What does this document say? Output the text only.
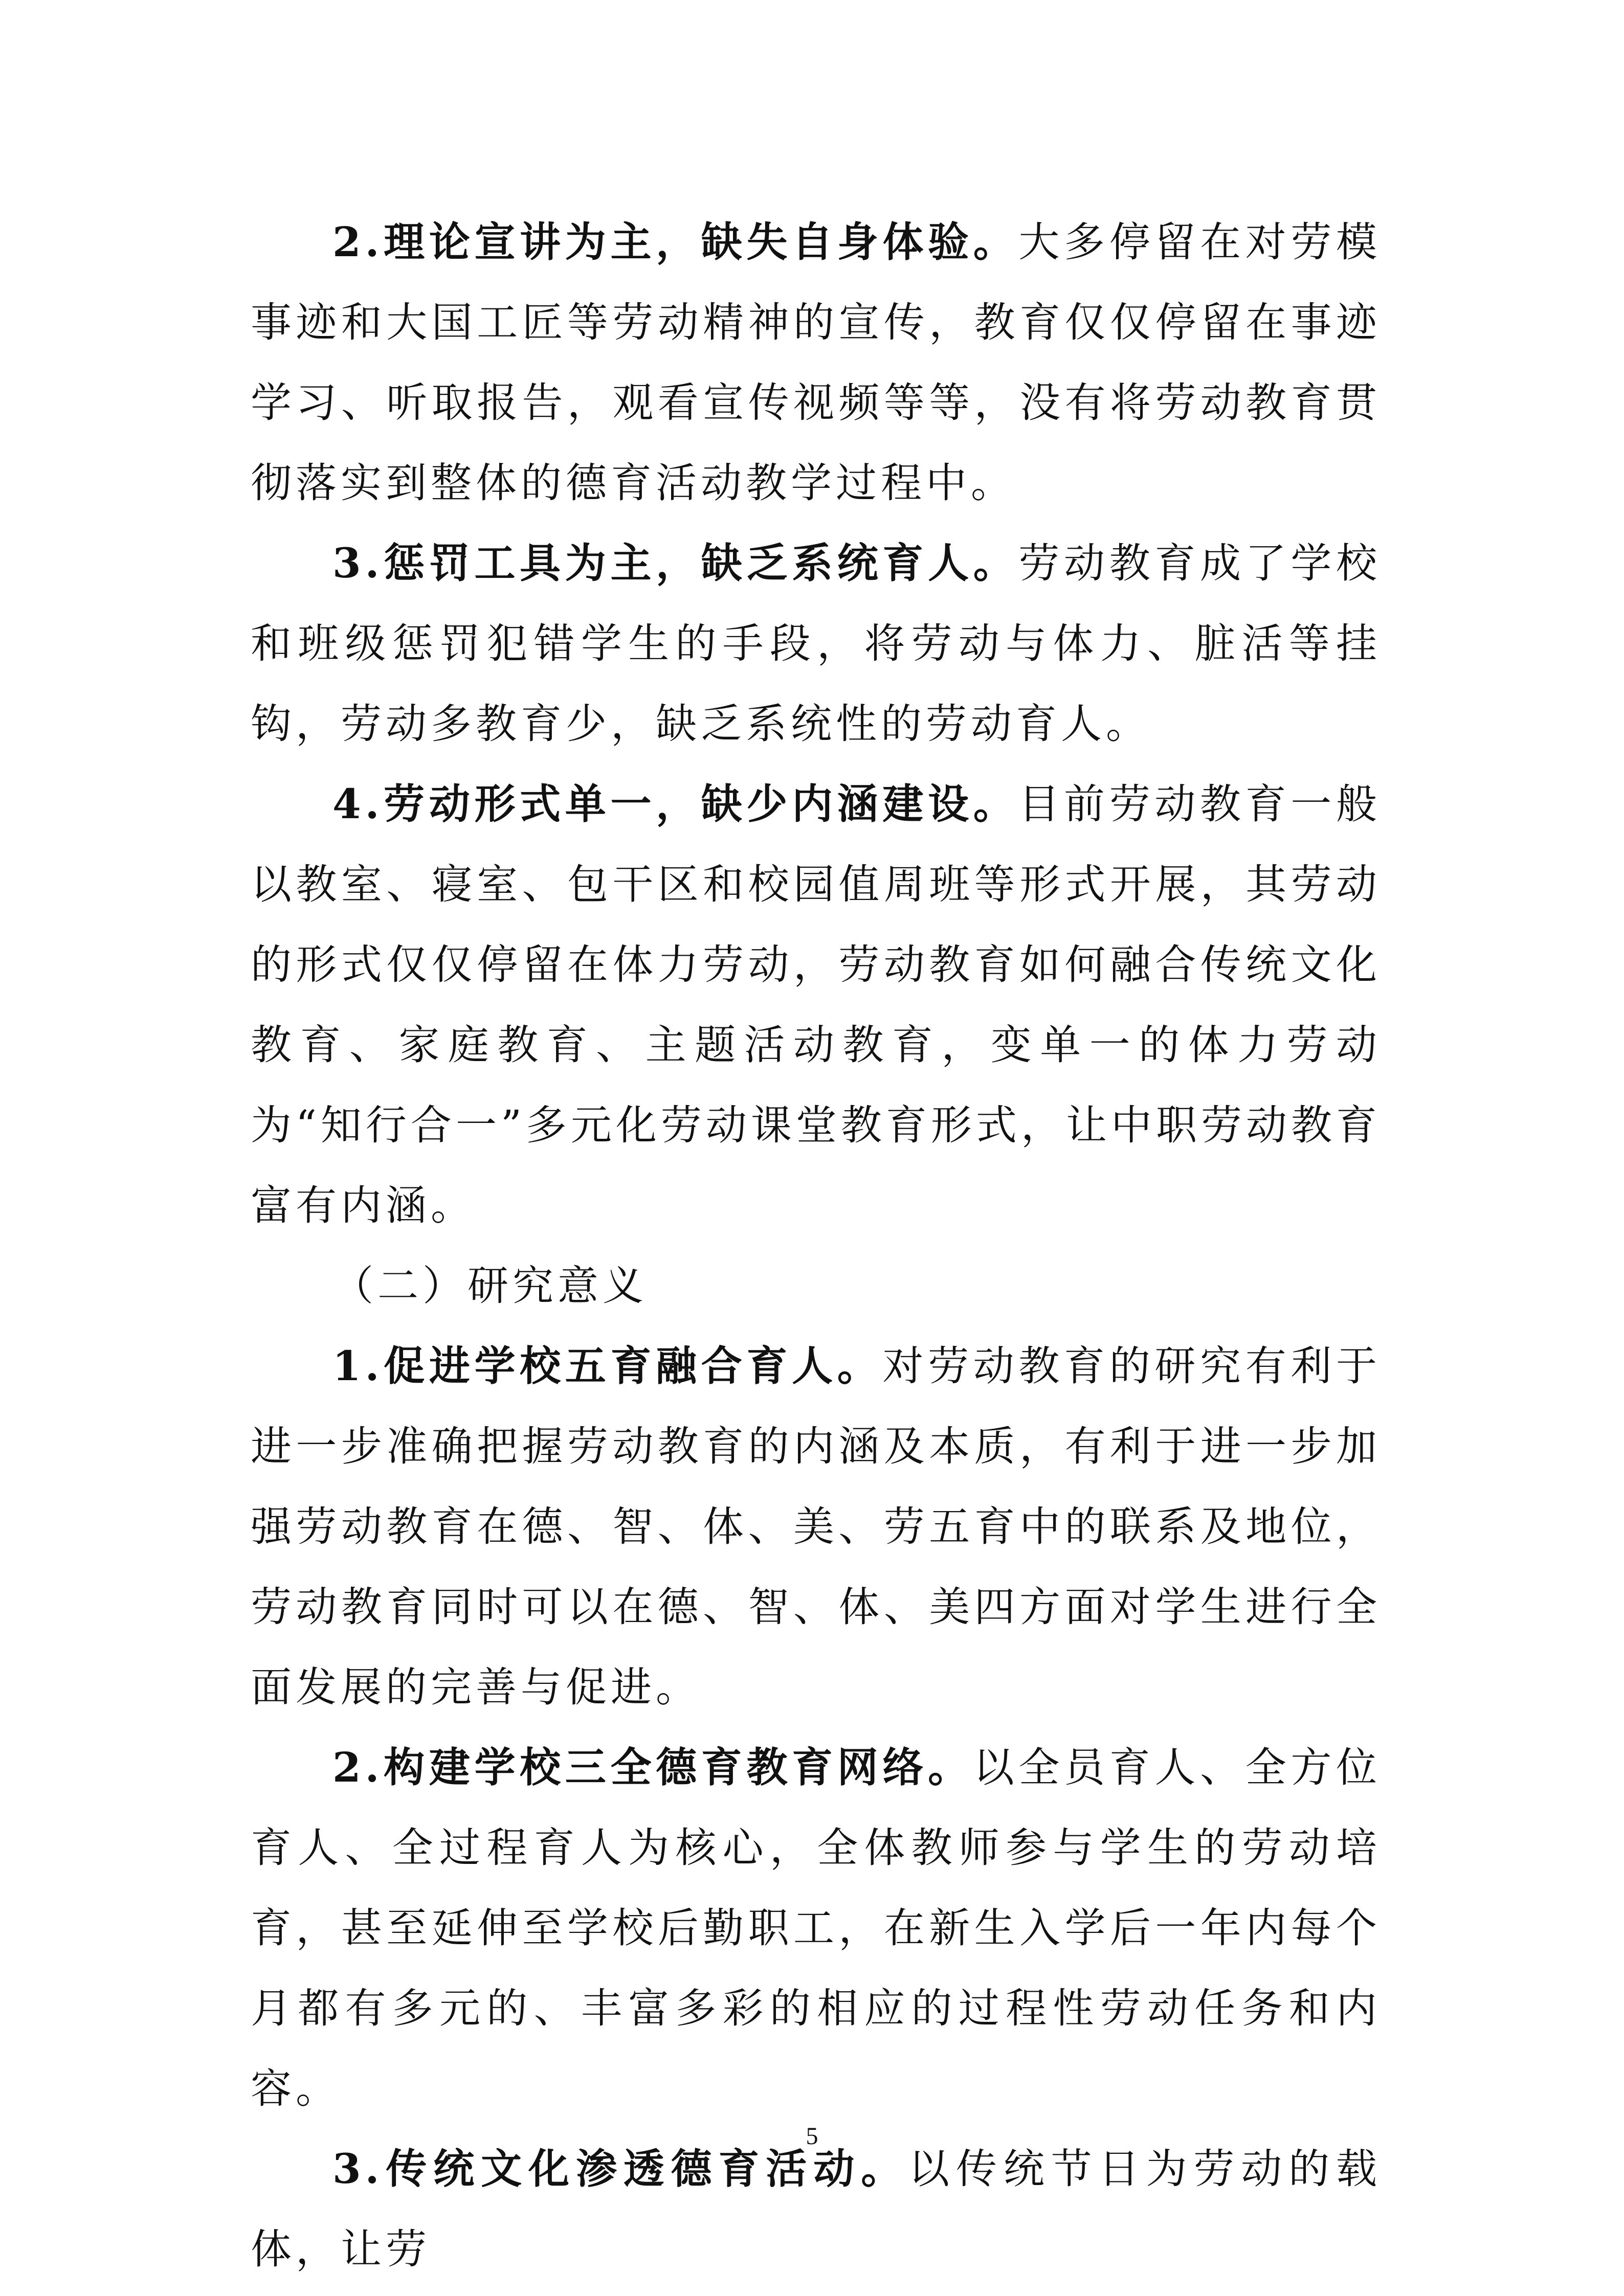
2.理论宣讲为主，缺失自身体验。大多停留在对劳模事迹和大国工匠等劳动精神的宣传，教育仅仅停留在事迹学习、听取报告，观看宣传视频等等，没有将劳动教育贯彻落实到整体的德育活动教学过程中。

3.惩罚工具为主，缺乏系统育人。劳动教育成了学校和班级惩罚犯错学生的手段，将劳动与体力、脏活等挂钩，劳动多教育少，缺乏系统性的劳动育人。

4.劳动形式单一，缺少内涵建设。目前劳动教育一般以教室、寝室、包干区和校园值周班等形式开展，其劳动的形式仅仅停留在体力劳动，劳动教育如何融合传统文化教育、家庭教育、主题活动教育，变单一的体力劳动为“知行合一”多元化劳动课堂教育形式，让中职劳动教育富有内涵。

（二）研究意义

1.促进学校五育融合育人。对劳动教育的研究有利于进一步准确把握劳动教育的内涵及本质，有利于进一步加强劳动教育在德、智、体、美、劳五育中的联系及地位，劳动教育同时可以在德、智、体、美四方面对学生进行全面发展的完善与促进。

2.构建学校三全德育教育网络。以全员育人、全方位育人、全过程育人为核心，全体教师参与学生的劳动培育，甚至延伸至学校后勤职工，在新生入学后一年内每个月都有多元的、丰富多彩的相应的过程性劳动任务和内容。

3.传统文化渗透德育活动。以传统节日为劳动的载体，让劳

5
